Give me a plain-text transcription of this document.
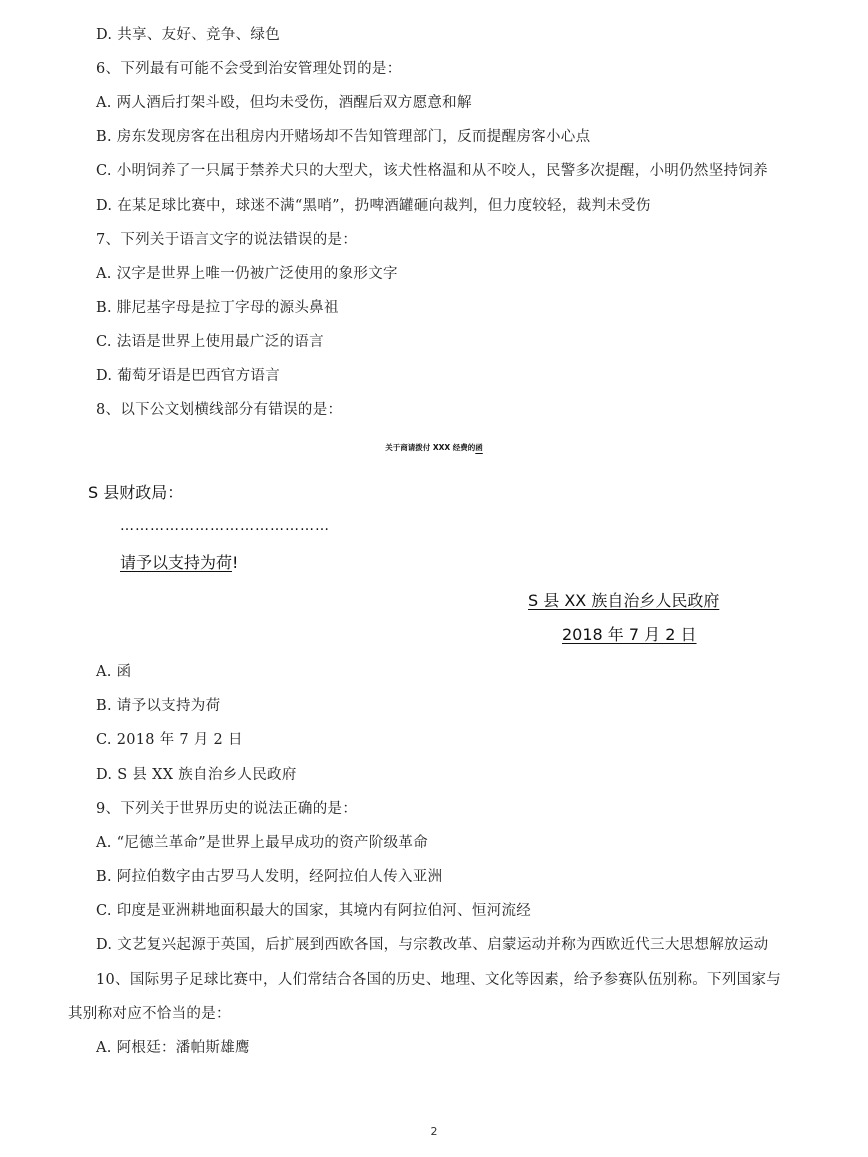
D. 共享、友好、竞争、绿色
6、下列最有可能不会受到治安管理处罚的是：
A. 两人酒后打架斗殴，但均未受伤，酒醒后双方愿意和解
B. 房东发现房客在出租房内开赌场却不告知管理部门，反而提醒房客小心点
C. 小明饲养了一只属于禁养犬只的大型犬，该犬性格温和从不咬人，民警多次提醒，小明仍然坚持饲养
D. 在某足球比赛中，球迷不满“黑哨”，扔啤酒罐砸向裁判，但力度较轻，裁判未受伤
7、下列关于语言文字的说法错误的是：
A. 汉字是世界上唯一仍被广泛使用的象形文字
B. 腓尼基字母是拉丁字母的源头鼻祖
C. 法语是世界上使用最广泛的语言
D. 葡萄牙语是巴西官方语言
8、以下公文划横线部分有错误的是：
关于商请拨付 XXX 经费的函
S 县财政局：
……………………………………
请予以支持为荷!
S 县 XX 族自治乡人民政府
2018 年 7 月 2 日
A. 函
B. 请予以支持为荷
C. 2018 年 7 月 2 日
D. S 县 XX 族自治乡人民政府
9、下列关于世界历史的说法正确的是：
A. “尼德兰革命”是世界上最早成功的资产阶级革命
B. 阿拉伯数字由古罗马人发明，经阿拉伯人传入亚洲
C. 印度是亚洲耕地面积最大的国家，其境内有阿拉伯河、恒河流经
D. 文艺复兴起源于英国，后扩展到西欧各国，与宗教改革、启蒙运动并称为西欧近代三大思想解放运动
10、国际男子足球比赛中，人们常结合各国的历史、地理、文化等因素，给予参赛队伍别称。下列国家与
其别称对应不恰当的是：
A. 阿根廷：潘帕斯雄鹰
2
